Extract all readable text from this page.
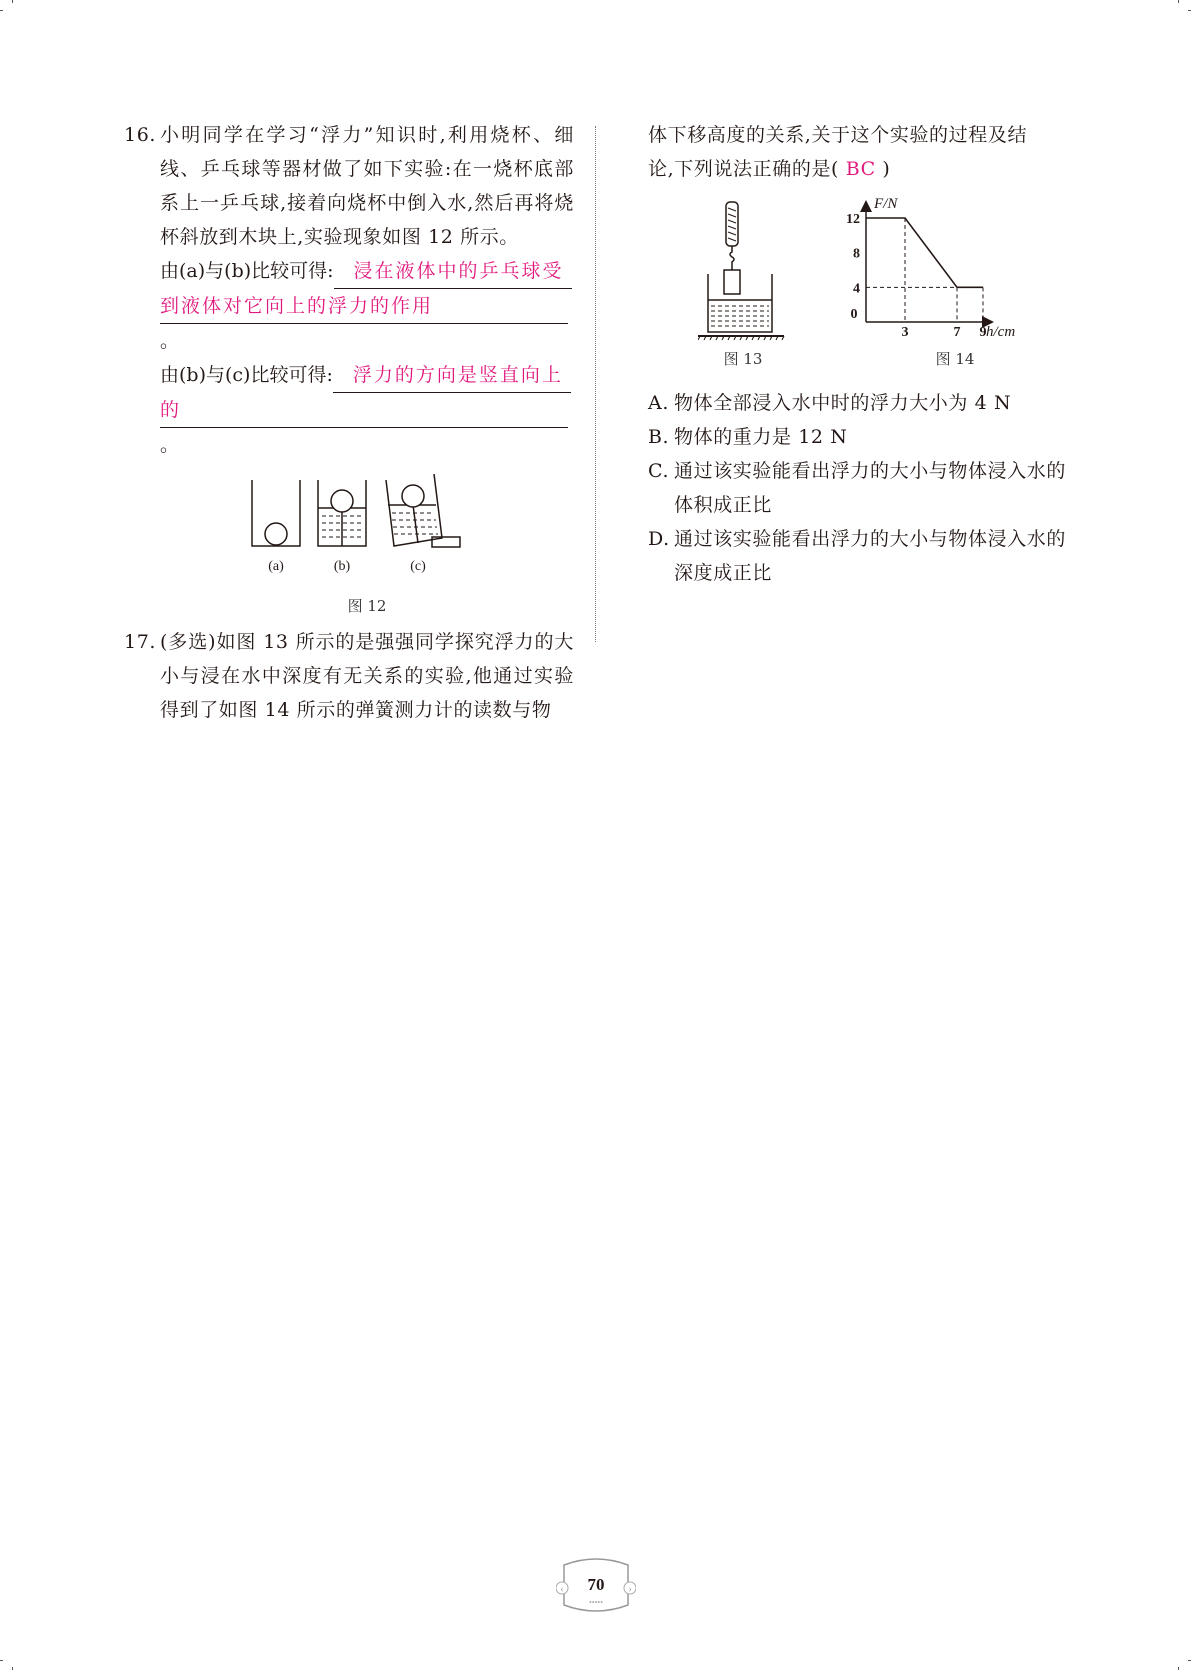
16. 小明同学在学习“浮力”知识时,利用烧杯、细线、乒乓球等器材做了如下实验:在一烧杯底部系上一乒乓球,接着向烧杯中倒入水,然后再将烧杯斜放到木块上,实验现象如图 12 所示。
由(a)与(b)比较可得: 浸在液体中的乒乓球受
到液体对它向上的浮力的作用。
由(b)与(c)比较可得: 浮力的方向是竖直向上
的。
(a)	(b)	(c)
图 12
17. (多选)如图 13 所示的是强强同学探究浮力的大小与浸在水中深度有无关系的实验,他通过实验得到了如图 14 所示的弹簧测力计的读数与物
体下移高度的关系,关于这个实验的过程及结
论,下列说法正确的是( BC )
图 13
F/N
h/cm
0
3	7 9
4
8
12
图 14
A. 物体全部浸入水中时的浮力大小为 4 N
B. 物体的重力是 12 N
C. 通过该实验能看出浮力的大小与物体浸入水的体积成正比
D. 通过该实验能看出浮力的大小与物体浸入水的深度成正比
‹	›
70
•••••
